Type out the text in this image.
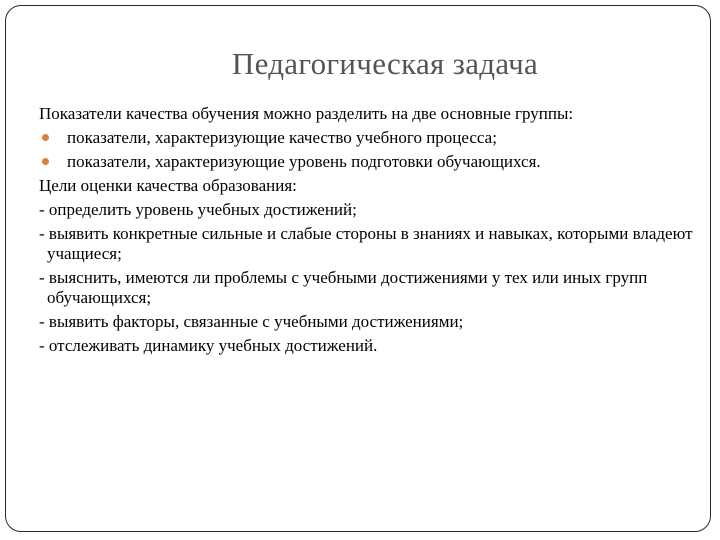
Педагогическая задача

Показатели качества обучения можно разделить на две основные группы:

показатели, характеризующие качество учебного процесса;

показатели, характеризующие уровень подготовки обучающихся.

Цели оценки качества образования:

- определить уровень учебных достижений;

- выявить конкретные сильные и слабые стороны в знаниях и навыках, которыми владеют учащиеся;

- выяснить, имеются ли проблемы с учебными достижениями у тех или иных групп обучающихся;

- выявить факторы, связанные с учебными достижениями;

- отслеживать динамику учебных достижений.
